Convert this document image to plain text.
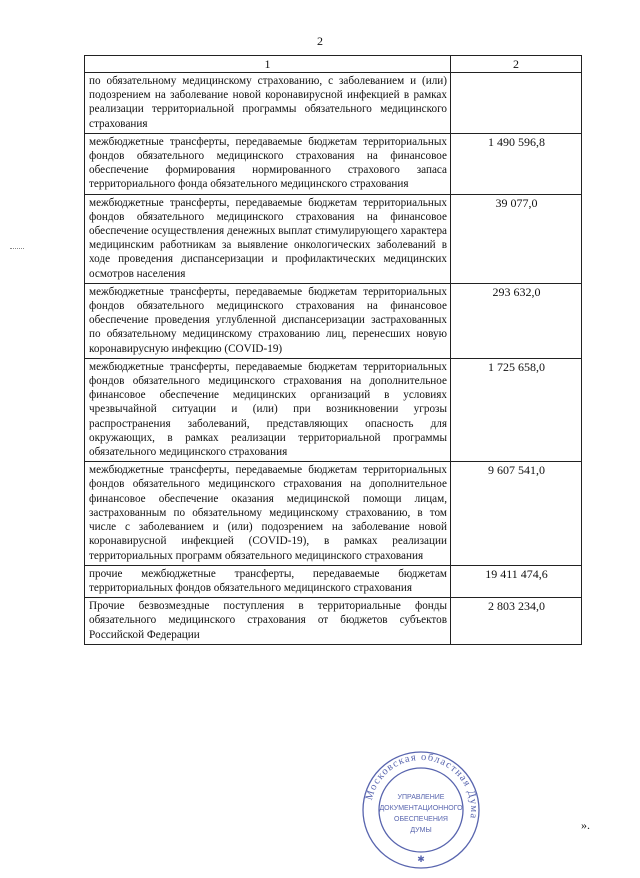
2
1	2
по обязательному медицинскому страхованию, с заболеванием и (или) подозрением на заболевание новой коронавирусной инфекцией в рамках реализации территориальной программы обязательного медицинского страхования	
межбюджетные трансферты, передаваемые бюджетам территориальных фондов обязательного медицинского страхования на финансовое обеспечение формирования нормированного страхового запаса территориального фонда обязательного медицинского страхования	1 490 596,8
межбюджетные трансферты, передаваемые бюджетам территориальных фондов обязательного медицинского страхования на финансовое обеспечение осуществления денежных выплат стимулирующего характера медицинским работникам за выявление онкологических заболеваний в ходе проведения диспансеризации и профилактических медицинских осмотров населения	39 077,0
межбюджетные трансферты, передаваемые бюджетам территориальных фондов обязательного медицинского страхования на финансовое обеспечение проведения углубленной диспансеризации застрахованных по обязательному медицинскому страхованию лиц, перенесших новую коронавирусную инфекцию (COVID-19)	293 632,0
межбюджетные трансферты, передаваемые бюджетам территориальных фондов обязательного медицинского страхования на дополнительное финансовое обеспечение медицинских организаций в условиях чрезвычайной ситуации и (или) при возникновении угрозы распространения заболеваний, представляющих опасность для окружающих, в рамках реализации территориальной программы обязательного медицинского страхования	1 725 658,0
межбюджетные трансферты, передаваемые бюджетам территориальных фондов обязательного медицинского страхования на дополнительное финансовое обеспечение оказания медицинской помощи лицам, застрахованным по обязательному медицинскому страхованию, в том числе с заболеванием и (или) подозрением на заболевание новой коронавирусной инфекцией (COVID-19), в рамках реализации территориальных программ обязательного медицинского страхования	9 607 541,0
прочие межбюджетные трансферты, передаваемые бюджетам территориальных фондов обязательного медицинского страхования	19 411 474,6
Прочие безвозмездные поступления в территориальные фонды обязательного медицинского страхования от бюджетов субъектов Российской Федерации	2 803 234,0
».
Московская областная Дума
УПРАВЛЕНИЕ
ДОКУМЕНТАЦИОННОГО
ОБЕСПЕЧЕНИЯ
ДУМЫ
✱
